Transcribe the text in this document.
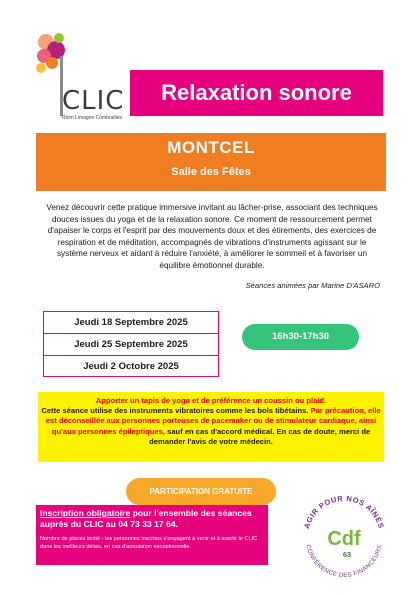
CLIC
Riom Limagne Combrailles
Relaxation sonore
MONTCEL
Salle des Fêtes
Venez découvrir cette pratique immersive invitant au lâcher-prise, associant des techniques douces issues du yoga et de la relaxation sonore. Ce moment de ressourcement permet d'apaiser le corps et l'esprit par des mouvements doux et des étirements, des exercices de respiration et de méditation, accompagnés de vibrations d'instruments agissant sur le système nerveux et aidant à réduire l'anxiété, à améliorer le sommeil et à favoriser un équilibre émotionnel durable.
Séances animées par Marine D'ASARO
Jeudi 18 Septembre 2025
Jeudi 25 Septembre 2025
Jeudi 2 Octobre 2025
16h30-17h30
Apporter un tapis de yoga et de préférence un coussin ou plaid.
Cette séance utilise des instruments vibratoires comme les bols tibétains. Par précaution, elle est déconseillée aux personnes porteuses de pacemaker ou de stimulateur cardiaque, ainsi qu'aux personnes épileptiques, sauf en cas d'accord médical. En cas de doute, merci de demander l'avis de votre médecin.
PARTICIPATION GRATUITE
Inscription obligatoire pour l'ensemble des séances auprès du CLIC au 04 73 33 17 64.
Nombre de places limité - les personnes inscrites s'engagent à venir et à avertir le CLIC dans les meilleurs délais, en cas d'annulation exceptionnelle.
AGIR POUR NOS AÎNÉS
CONFÉRENCE DES FINANCEURS
Cdf
63
